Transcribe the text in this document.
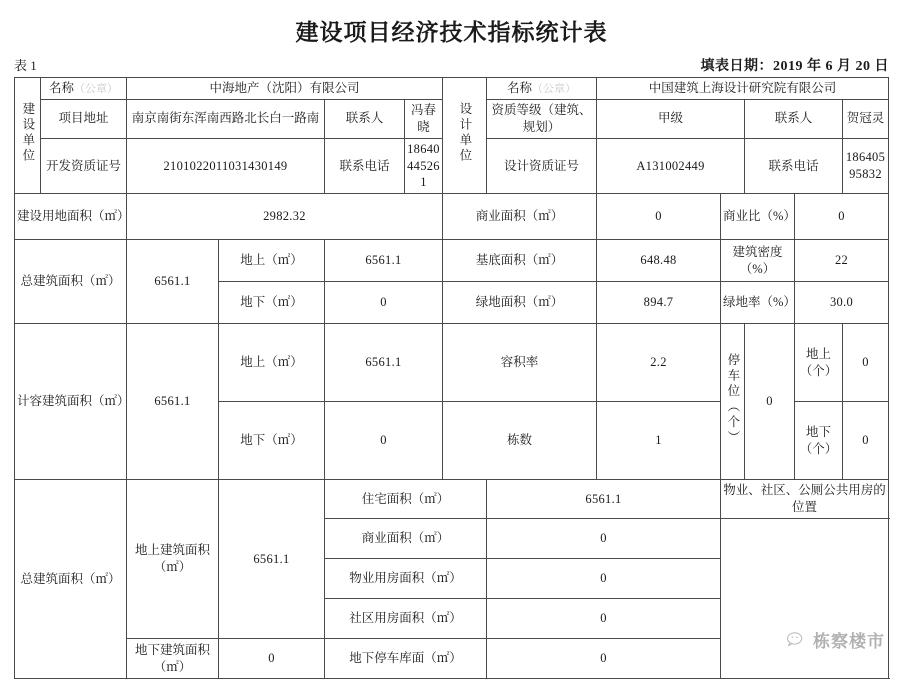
建设项目经济技术指标统计表
表 1	填表日期：2019 年 6 月 20 日
建设单位	名称（公章）	中海地产（沈阳）有限公司				设计单位	名称（公章）	中国建筑上海设计研究院有限公司				
	项目地址	南京南街东浑南西路北长白一路南		联系人	冯春晓		资质等级（建筑、规划）	甲级		联系人		贺冠灵
	开发资质证号	2101022011031430149		联系电话	18640445261		设计资质证号	A131002449		联系电话		18640595832
建设用地面积（㎡）		2982.32				商业面积（㎡）		0	商业比（%）		0	
总建筑面积（㎡）		6561.1	地上（㎡）	6561.1		基底面积（㎡）		648.48	建筑密度（%）		22	
			地下（㎡）	0		绿地面积（㎡）		894.7	绿地率（%）		30.0	
计容建筑面积（㎡）		6561.1	地上（㎡）	6561.1		容积率		2.2	停车位（个）	0	地上（个）	0
			地下（㎡）	0		栋数		1			地下（个）	0
总建筑面积（㎡）		地上建筑面积（㎡）	6561.1	住宅面积（㎡）			6561.1		物业、社区、公厕公共用房的位置			
				商业面积（㎡）			0					
				物业用房面积（㎡）			0					
				社区用房面积（㎡）			0					
		地下建筑面积（㎡）	0	地下停车库面（㎡）			0					
栋察楼市
